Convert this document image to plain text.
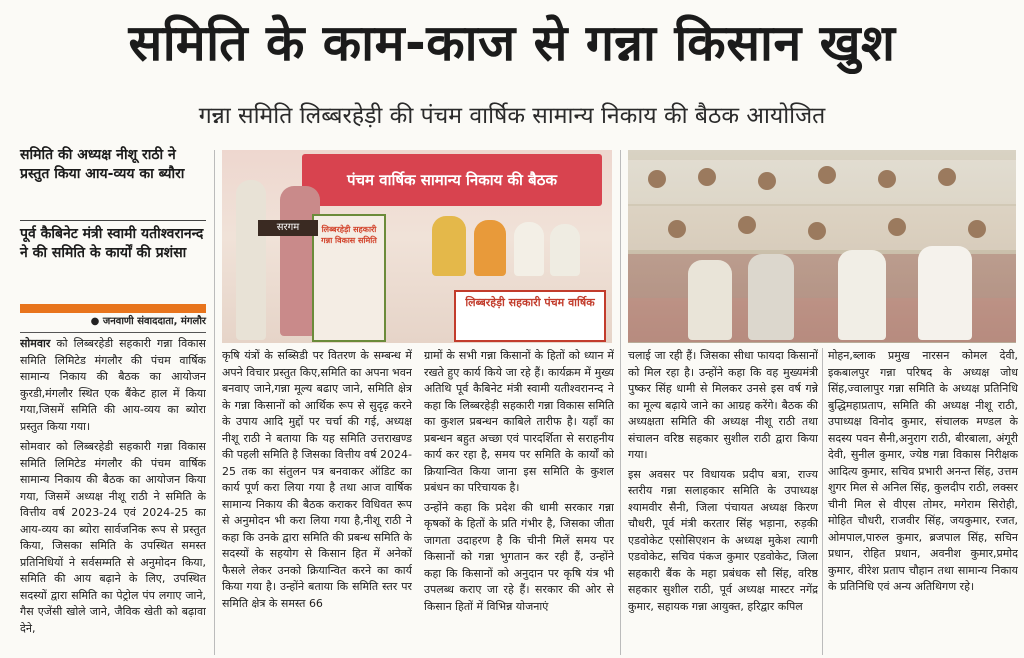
समिति के काम-काज से गन्ना किसान खुश
गन्ना समिति लिब्बरहेड़ी की पंचम वार्षिक सामान्य निकाय की बैठक आयोजित
समिति की अध्यक्ष नीशू राठी ने प्रस्तुत किया आय-व्यय का ब्यौरा
पूर्व कैबिनेट मंत्री स्वामी यतीश्वरानन्द ने की समिति के कार्यों की प्रशंसा
● जनवाणी संवाददाता, मंगलौर

सोमवार को लिब्बरहेडी सहकारी गन्ना विकास समिति लिमिटेड मंगलौर की पंचम वार्षिक सामान्य निकाय की बैठक का आयोजन कुरडी,मंगलौर स्थित एक बैंकेट हाल में किया गया,जिसमें समिति की आय-व्यय का ब्योरा प्रस्तुत किया गया।

सोमवार को लिब्बरहेडी सहकारी गन्ना विकास समिति लिमिटेड मंगलौर की पंचम वार्षिक सामान्य निकाय की बैठक का आयोजन किया गया, जिसमें अध्यक्ष नीशू राठी ने समिति के वित्तीय वर्ष 2023-24 एवं 2024-25 का आय-व्यय का ब्योरा सार्वजनिक रूप से प्रस्तुत किया, जिसका समिति के उपस्थित समस्त प्रतिनिधियों ने सर्वसम्मति से अनुमोदन किया, समिति की आय बढ़ाने के लिए, उपस्थित सदस्यों द्वारा समिति का पेट्रोल पंप लगाए जाने, गैस एजेंसी खोले जाने, जैविक खेती को बढ़ावा देने,

पंचम वार्षिक सामान्य निकाय की बैठक
लिब्बरहेड़ी सहकारी गन्ना विकास समिति
सरगम
लिब्बरहेड़ी सहकारी पंचम वार्षिक

कृषि यंत्रों के सब्सिडी पर वितरण के सम्बन्ध में अपने विचार प्रस्तुत किए,समिति का अपना भवन बनवाए जाने,गन्ना मूल्य बढाए जाने, समिति क्षेत्र के गन्ना किसानों को आर्थिक रूप से सुदृढ़ करने के उपाय आदि मुद्दों पर चर्चा की गई, अध्यक्ष नीशू राठी ने बताया कि यह समिति उत्तराखण्ड की पहली समिति है जिसका वित्तीय वर्ष 2024-25 तक का संतुलन पत्र बनवाकर ऑडिट का कार्य पूर्ण करा लिया गया है तथा आज वार्षिक सामान्य निकाय की बैठक कराकर विधिवत रूप से अनुमोदन भी करा लिया गया है,नीशू राठी ने कहा कि उनके द्वारा समिति की प्रबन्ध समिति के सदस्यों के सहयोग से किसान हित में अनेकों फैसले लेकर उनको क्रियान्वित करने का कार्य किया गया है। उन्होंने बताया कि समिति स्तर पर समिति क्षेत्र के समस्त 66

ग्रामों के सभी गन्ना किसानों के हितों को ध्यान में रखते हुए कार्य किये जा रहे हैं। कार्यक्रम में मुख्य अतिथि पूर्व कैबिनेट मंत्री स्वामी यतीश्वरानन्द ने कहा कि लिब्बरहेड़ी सहकारी गन्ना विकास समिति का कुशल प्रबन्धन काबिले तारीफ है। यहाँ का प्रबन्धन बहुत अच्छा एवं पारदर्शिता से सराहनीय कार्य कर रहा है, समय पर समिति के कार्यों को क्रियान्वित किया जाना इस समिति के कुशल प्रबंधन का परिचायक है।

उन्होंने कहा कि प्रदेश की धामी सरकार गन्ना कृषकों के हितों के प्रति गंभीर है, जिसका जीता जागता उदाहरण है कि चीनी मिलें समय पर किसानों को गन्ना भुगतान कर रही हैं, उन्होंने कहा कि किसानों को अनुदान पर कृषि यंत्र भी उपलब्ध कराए जा रहे हैं। सरकार की ओर से किसान हितों में विभिन्न योजनाएं

चलाई जा रही हैं। जिसका सीधा फायदा किसानों को मिल रहा है। उन्होंने कहा कि वह मुख्यमंत्री पुष्कर सिंह धामी से मिलकर उनसे इस वर्ष गन्ने का मूल्य बढ़ाये जाने का आग्रह करेंगे। बैठक की अध्यक्षता समिति की अध्यक्ष नीशू राठी तथा संचालन वरिष्ठ सहकार सुशील राठी द्वारा किया गया।

इस अवसर पर विधायक प्रदीप बत्रा, राज्य स्तरीय गन्ना सलाहकार समिति के उपाध्यक्ष श्यामवीर सैनी, जिला पंचायत अध्यक्ष किरण चौधरी, पूर्व मंत्री करतार सिंह भड़ाना, रुड़की एडवोकेट एसोसिएशन के अध्यक्ष मुकेश त्यागी एडवोकेट, सचिव पंकज कुमार एडवोकेट, जिला सहकारी बैंक के महा प्रबंधक सौ सिंह, वरिष्ठ सहकार सुशील राठी, पूर्व अध्यक्ष मास्टर नगेंद्र कुमार, सहायक गन्ना आयुक्त, हरिद्वार कपिल

मोहन,ब्लाक प्रमुख नारसन कोमल देवी, इकबालपुर गन्ना परिषद के अध्यक्ष जोध सिंह,ज्वालापुर गन्ना समिति के अध्यक्ष प्रतिनिधि बुद्धिमहाप्रताप, समिति की अध्यक्ष नीशू राठी, उपाध्यक्ष विनोद कुमार, संचालक मण्डल के सदस्य पवन सैनी,अनुराग राठी, बीरबाला, अंगूरी देवी, सुनील कुमार, ज्येष्ठ गन्ना विकास निरीक्षक आदित्य कुमार, सचिव प्रभारी अनन्त सिंह, उत्तम शुगर मिल से अनिल सिंह, कुलदीप राठी, लक्सर चीनी मिल से वीएस तोमर, मगेराम सिरोही, मोहित चौधरी, राजवीर सिंह, जयकुमार, रजत, ओमपाल,पारुल कुमार, ब्रजपाल सिंह, सचिन प्रधान, रोहित प्रधान, अवनीश कुमार,प्रमोद कुमार, वीरेश प्रताप चौहान तथा सामान्य निकाय के प्रतिनिधि एवं अन्य अतिथिगण रहे।
